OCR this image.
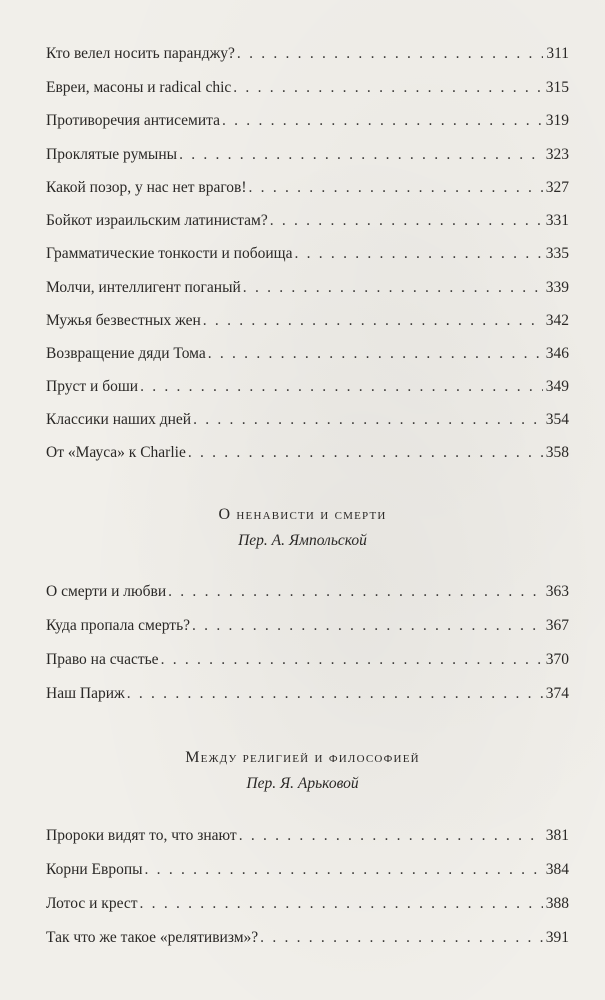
Кто велел носить паранджу? . . .	311
Евреи, масоны и radical chic . . .	315
Противоречия антисемита . . .	319
Проклятые румыны . . .	323
Какой позор, у нас нет врагов! . . .	327
Бойкот израильским латинистам? . . .	331
Грамматические тонкости и побоища . . .	335
Молчи, интеллигент поганый . . .	339
Мужья безвестных жен . . .	342
Возвращение дяди Тома . . .	346
Пруст и боши . . .	349
Классики наших дней . . .	354
От «Мауса» к Charlie . . .	358
О ненависти и смерти
Пер. А. Ямпольской
О смерти и любви . . .	363
Куда пропала смерть? . . .	367
Право на счастье . . .	370
Наш Париж . . .	374
Между религией и философией
Пер. Я. Арьковой
Пророки видят то, что знают . . .	381
Корни Европы . . .	384
Лотос и крест . . .	388
Так что же такое «релятивизм»? . . .	391
